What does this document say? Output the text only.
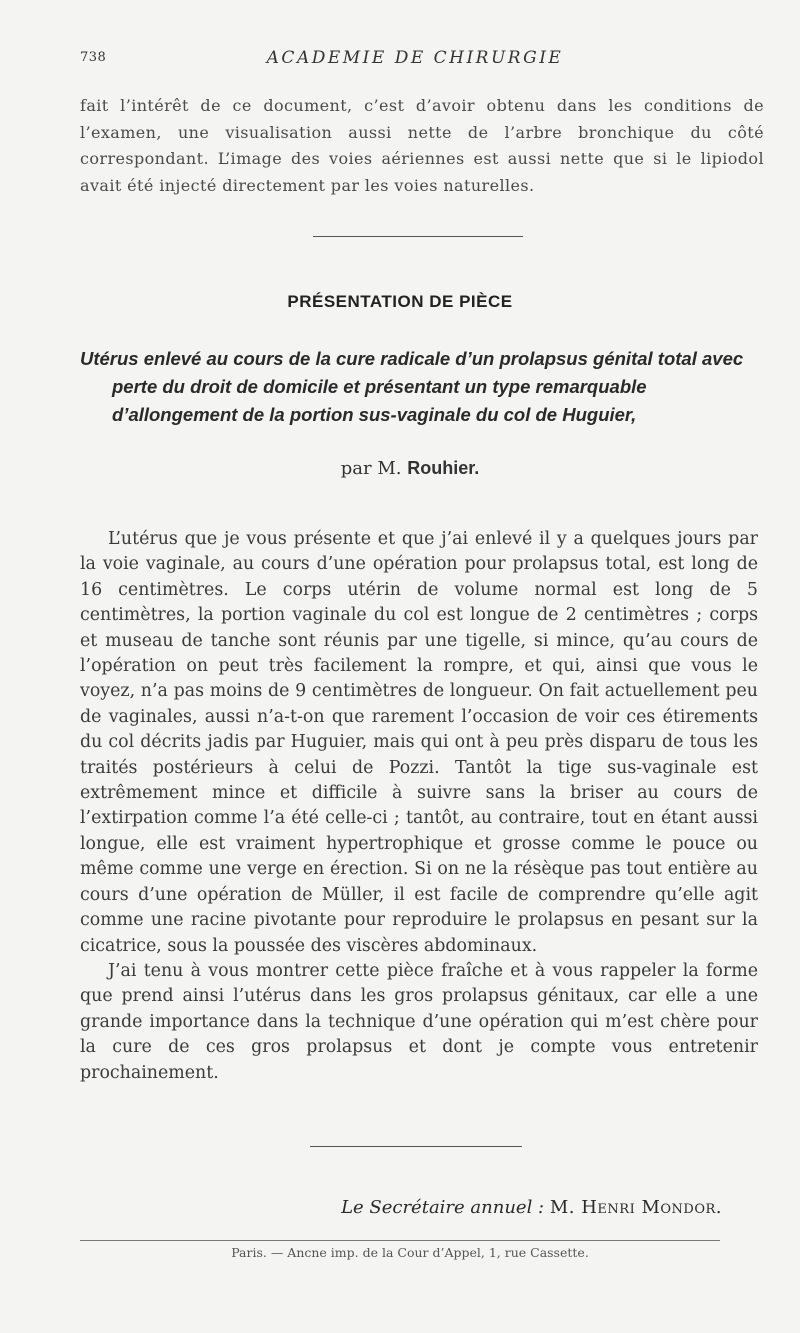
738	ACADEMIE DE CHIRURGIE
fait l’intérêt de ce document, c’est d’avoir obtenu dans les conditions de l’examen, une visualisation aussi nette de l’arbre bronchique du côté correspondant. L’image des voies aériennes est aussi nette que si le lipiodol avait été injecté directement par les voies naturelles.
PRÉSENTATION DE PIÈCE
Utérus enlevé au cours de la cure radicale d’un prolapsus génital total avec perte du droit de domicile et présentant un type remarquable d’allongement de la portion sus-vaginale du col de Huguier,
par M. Rouhier.

L’utérus que je vous présente et que j’ai enlevé il y a quelques jours par la voie vaginale, au cours d’une opération pour prolapsus total, est long de 16 centimètres. Le corps utérin de volume normal est long de 5 centimètres, la portion vaginale du col est longue de 2 centimètres ; corps et museau de tanche sont réunis par une tigelle, si mince, qu’au cours de l’opération on peut très facilement la rompre, et qui, ainsi que vous le voyez, n’a pas moins de 9 centimètres de longueur. On fait actuellement peu de vaginales, aussi n’a-t-on que rarement l’occasion de voir ces étirements du col décrits jadis par Huguier, mais qui ont à peu près disparu de tous les traités postérieurs à celui de Pozzi. Tantôt la tige sus-vaginale est extrêmement mince et difficile à suivre sans la briser au cours de l’extirpation comme l’a été celle-ci ; tantôt, au contraire, tout en étant aussi longue, elle est vraiment hypertrophique et grosse comme le pouce ou même comme une verge en érection. Si on ne la résèque pas tout entière au cours d’une opération de Müller, il est facile de comprendre qu’elle agit comme une racine pivotante pour reproduire le prolapsus en pesant sur la cicatrice, sous la poussée des viscères abdominaux.

J’ai tenu à vous montrer cette pièce fraîche et à vous rappeler la forme que prend ainsi l’utérus dans les gros prolapsus génitaux, car elle a une grande importance dans la technique d’une opération qui m’est chère pour la cure de ces gros prolapsus et dont je compte vous entretenir prochainement.

Le Secrétaire annuel : M. Henri Mondor.
Paris. — Ancne imp. de la Cour d’Appel, 1, rue Cassette.
